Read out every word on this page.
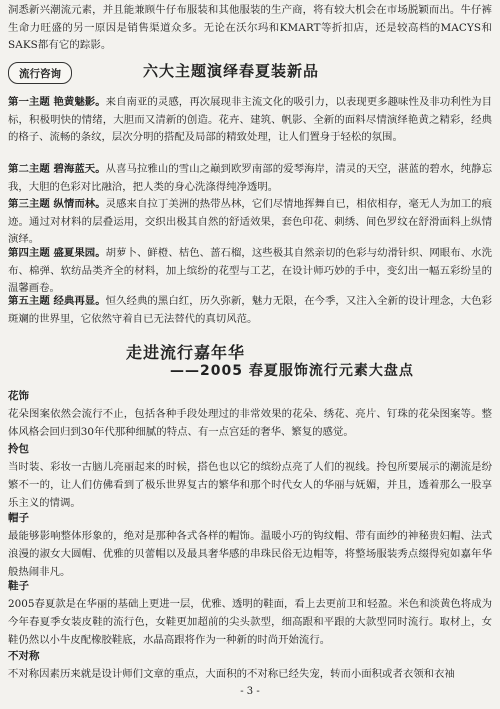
洞悉新兴潮流元素，并且能兼顾牛仔布服装和其他服装的生产商，将有较大机会在市场脱颖而出。牛仔裤生命力旺盛的另一原因是销售渠道众多。无论在沃尔玛和KMART等折扣店，还是较高档的MACYS和SAKS都有它的踪影。

流行咨询	六大主题演绎春夏装新品

第一主题 艳黄魅影。来自南亚的灵感，再次展现非主流文化的吸引力，以表现更多趣味性及非功利性为目标，积极明快的情绪，大胆而又清新的创造。花卉、建筑、帆影、全新的面料尽情演绎艳黄之精彩，经典的格子、流畅的条纹，层次分明的搭配及局部的精致处理，让人们置身于轻松的氛围。

第二主题 碧海蓝天。从喜马拉雅山的雪山之巅到欧罗南部的爱琴海岸，清灵的天空，湛蓝的碧水，纯静忘我，大胆的色彩对比融洽，把人类的身心洗涤得纯净透明。

第三主题 纵情而林。灵感来自拉丁美洲的热带丛林，它们尽情地挥舞自已，相依相存，毫无人为加工的痕迹。通过对材料的层叠运用，交织出极其自然的舒适效果，套色印花、刺绣、间色罗纹在舒滑面料上纵情演绎。

第四主题 盛夏果园。胡萝卜、鲜橙、桔色、蔷石榴，这些极其自然亲切的色彩与幼滑针织、网眼布、水洗布、棉弹、软纺品类齐全的材料，加上缤纷的花型与工艺，在设计师巧妙的手中，变幻出一幅五彩纷呈的温馨画卷。

第五主题 经典再显。恒久经典的黑白红，历久弥新，魅力无限，在今季，又注入全新的设计理念，大色彩斑斓的世界里，它依然守着自已无法替代的真切风范。

走进流行嘉年华
——2005 春夏服饰流行元素大盘点
花饰

花朵图案依然会流行不止，包括各种手段处理过的非常效果的花朵、绣花、亮片、钉珠的花朵图案等。整体风格会回归到30年代那种细腻的特点、有一点宫廷的奢华、繁复的感觉。

拎包

当时装、彩妆一古脑儿亮丽起来的时候，搭色也以它的缤纷点亮了人们的视线。拎包所要展示的潮流是纷繁不一的，让人们仿佛看到了极乐世界复古的繁华和那个时代女人的华丽与妩媚，并且，透着那么一股享乐主义的情调。

帽子

最能够影响整体形象的，绝对是那种各式各样的帽饰。温暖小巧的钩纹帽、带有面纱的神秘贵妇帽、法式浪漫的淑女大圆帽、优雅的贝蕾帽以及最具奢华感的串珠民俗无边帽等，将整场服装秀点缀得宛如嘉年华般热闹非凡。

鞋子

2005春夏款是在华丽的基础上更进一层，优雅、透明的鞋面，看上去更前卫和轻盈。米色和淡黄色将成为今年春夏季女装皮鞋的流行色，女鞋更加超前的尖头款型，细高跟和平跟的大款型同时流行。取材上，女鞋仍然以小牛皮配橡胶鞋底，水晶高跟将作为一种新的时尚开始流行。

不对称

不对称因素历来就是设计师们文章的重点，大面积的不对称已经失宠，转而小面积或者衣领和衣袖

- 3 -
